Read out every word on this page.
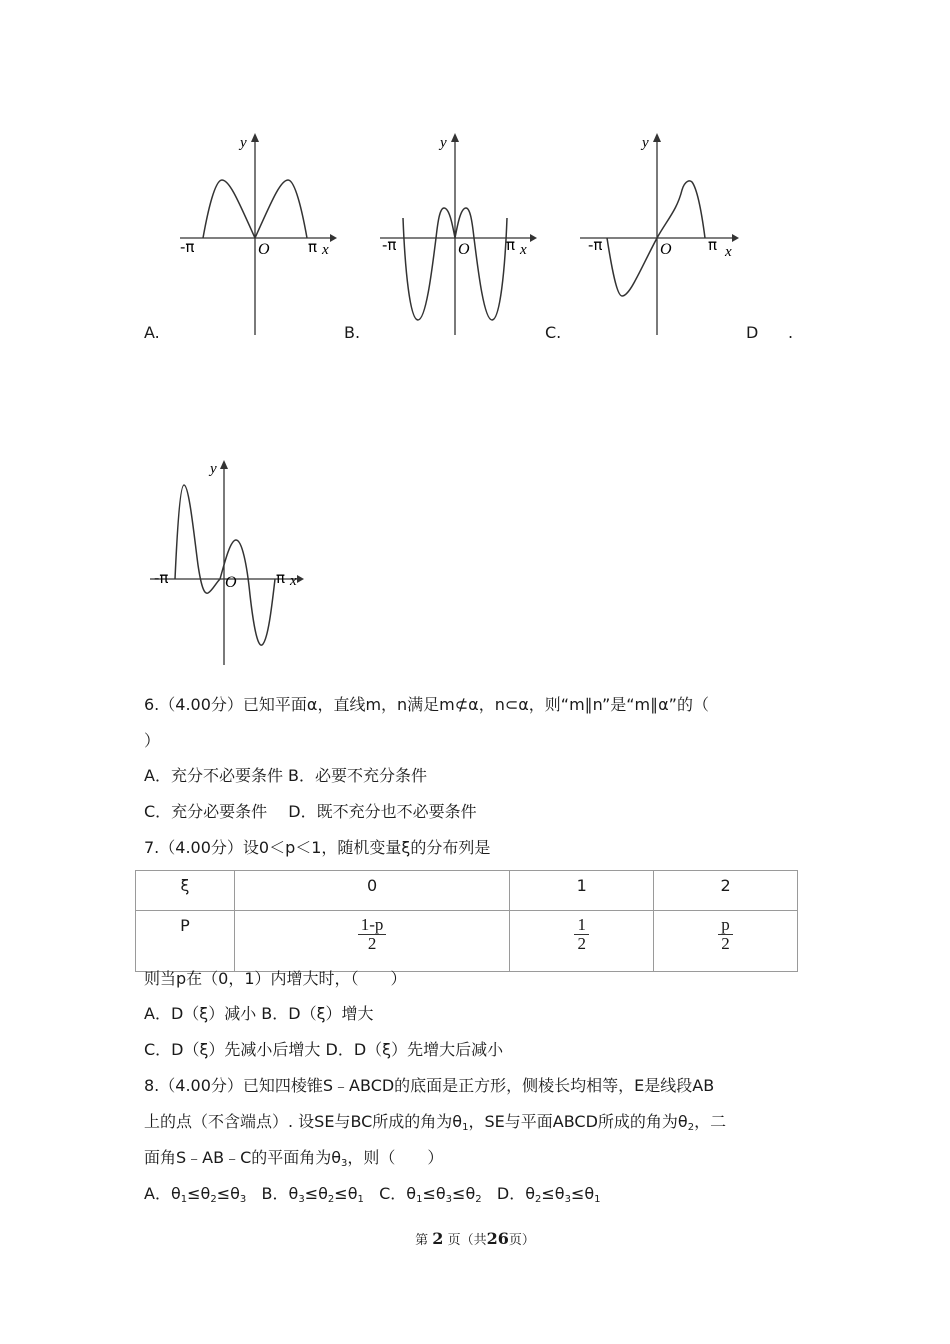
y
x
O
-π	π
y
x
O
-π	π
y
x
O
-π	π
A.	B.	C.	D .
y
x
O
-π	π
6.（4.00分）已知平面α，直线m，n满足m⊄α，n⊂α，则“m∥n”是“m∥α”的（
）
A．充分不必要条件 B．必要不充分条件
C．充分必要条件　 D．既不充分也不必要条件
7.（4.00分）设0＜p＜1，随机变量ξ的分布列是
ξ	0	1	2
P	$\frac{1-p}{2}$	$\frac{1}{2}$	$\frac{p}{2}$
则当p在（0，1）内增大时，（　　）
A．D（ξ）减小 B．D（ξ）增大
C．D（ξ）先减小后增大 D．D（ξ）先增大后减小
8.（4.00分）已知四棱锥S﹣ABCD的底面是正方形，侧棱长均相等，E是线段AB
上的点（不含端点）. 设SE与BC所成的角为$\theta_1$，SE与平面ABCD所成的角为$\theta_2$，二
面角S﹣AB﹣C的平面角为$\theta_3$，则（　　）
A．$\theta_1\le\theta_2\le\theta_3$ B．$\theta_3\le\theta_2\le\theta_1$ C．$\theta_1\le\theta_3\le\theta_2$ D．$\theta_2\le\theta_3\le\theta_1$
第 2 页（共26页）
